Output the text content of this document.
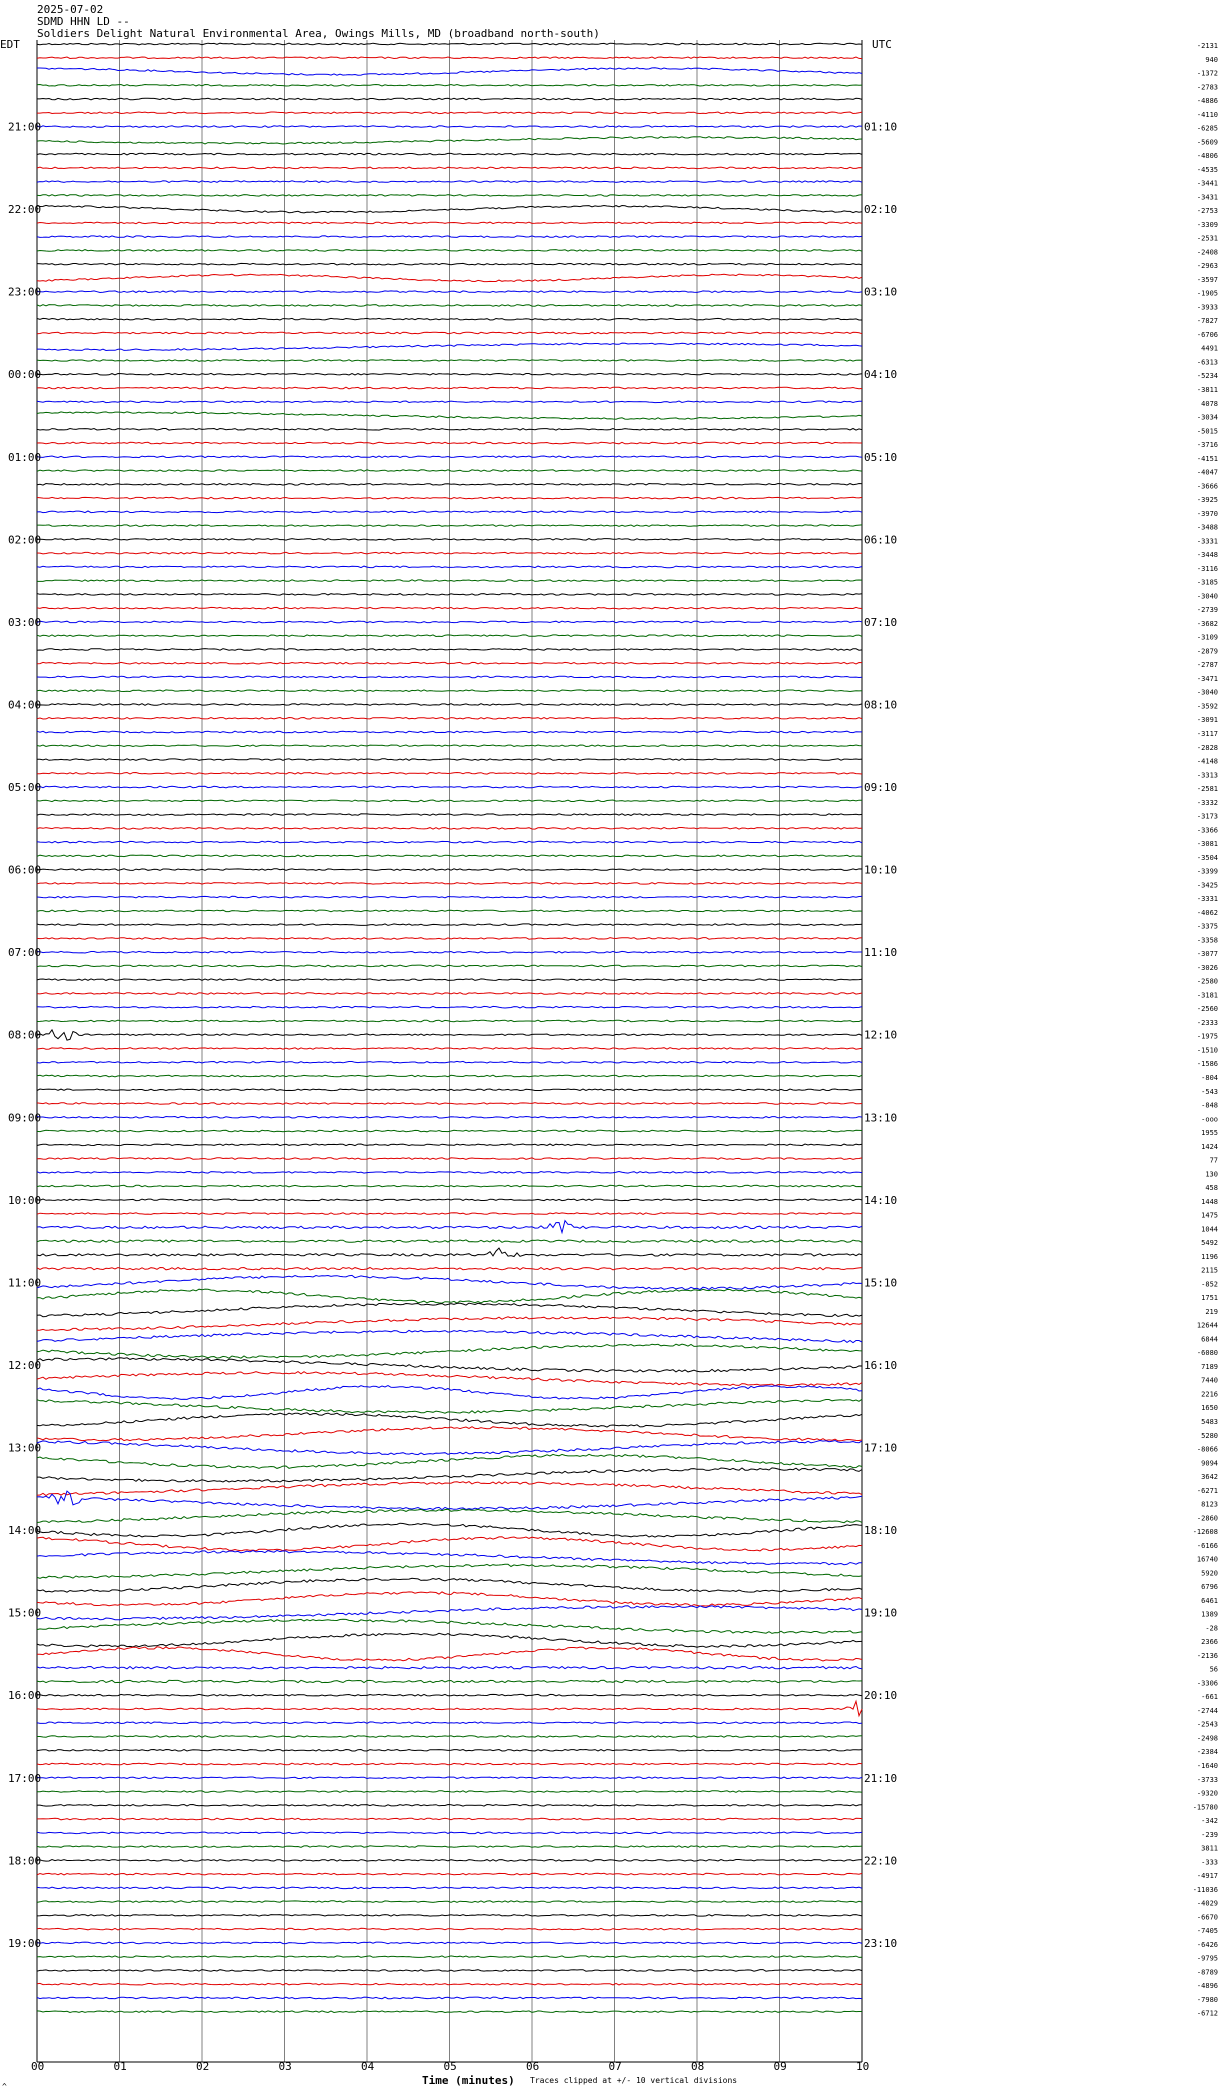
2025-07-02
SDMD HHN LD --
Soldiers Delight Natural Environmental Area, Owings Mills, MD (broadband north-south)
EDT	UTC
00	01	02	03	04	05	06	07	08	09	10
-2131
940
-1372
-2783
-4886
-4110
-6285
-5609
-4806
-4535
-3441
-3431
-2753
-3309
-2531
-2408
-2963
-3597
-1905
-3933
-7827
-6706
4491
-6313
-5234
-3811
4078
-3034
-5015
-3716
-4151
-4047
-3666
-3925
-3970
-3488
-3331
-3448
-3116
-3185
-3040
-2739
-3682
-3109
-2879
-2787
-3471
-3040
-3592
-3091
-3117
-2828
-4148
-3313
-2581
-3332
-3173
-3366
-3081
-3504
-3399
-3425
-3331
-4062
-3375
-3358
-3077
-3026
-2580
-3181
-2560
-2333
-1975
-1510
-1586
-804
-543
-848
-ooo
1955
1424
77
130
458
1448
1475
1044
5492
1196
2115
-852
1751
219
12644
6844
-6080
7189
7440
2216
1650
5483
5280
-8066
9094
3642
-6271
8123
-2860
-12608
-6166
16740
5920
6796
6461
1389
-28
2366
-2136
56
-3306
-661
-2744
-2543
-2498
-2384
-1640
-3733
-9320
-15780
-342
-239
3811
-333
-4917
-11036
-4029
-6670
-7405
-6426
-9795
-8789
-4896
-7980
-6712
21:00	01:10
22:00	02:10
23:00	03:10
00:00	04:10
01:00	05:10
02:00	06:10
03:00	07:10
04:00	08:10
05:00	09:10
06:00	10:10
07:00	11:10
08:00	12:10
09:00	13:10
10:00	14:10
11:00	15:10
12:00	16:10
13:00	17:10
14:00	18:10
15:00	19:10
16:00	20:10
17:00	21:10
18:00	22:10
19:00	23:10
Time (minutes) Traces clipped at +/- 10 vertical divisions
^
